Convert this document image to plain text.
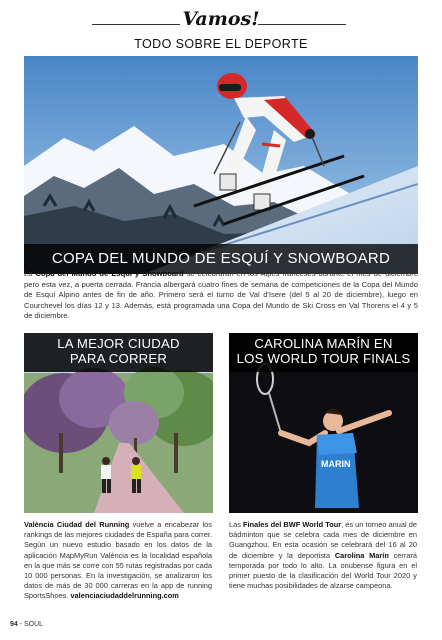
Vamos!
TODO SOBRE EL DEPORTE
COPA DEL MUNDO DE ESQUÍ Y SNOWBOARD
La Copa del Mundo de Esquí y Snowboard se celebrarán en los Alpes franceses durante el mes de diciembre pero esta vez, a puerta cerrada. Francia albergará cuatro fines de semana de competiciones de la Copa del Mundo de Esquí Alpino antes de fin de año. Primero será el turno de Val d'Isere (del 5 al 20 de diciembre), luego en Courchevel los días 12 y 13. Además, está programada una Copa del Mundo de Ski Cross en Val Thorens el 4 y 5 de diciembre.
LA MEJOR CIUDAD
PARA CORRER
València Ciudad del Running vuelve a encabezar los rankings de las mejores ciudades de España para correr. Según un nuevo estudio basado en los datos de la aplicación MapMyRun València es la localidad española en la que más se corre con 55 rutas registradas por cada 10 000 personas. En la investigación, se analizaron los datos de más de 30 000 carreras en la app de running SportsShoes. valenciaciudaddelrunning.com
MARIN
CAROLINA MARÍN EN
LOS WORLD TOUR FINALS
Las Finales del BWF World Tour, es un torneo anual de bádminton que se celebra cada mes de diciembre en Guangzhou. En esta ocasión se celebrará del 16 al 20 de diciembre y la deportista Carolina Marín cerrará temporada por todo lo alto. La onubense figura en el primer puesto de la clasificación del World Tour 2020 y tiene muchas posibilidades de alzarse campeona.
94 - SOUL
